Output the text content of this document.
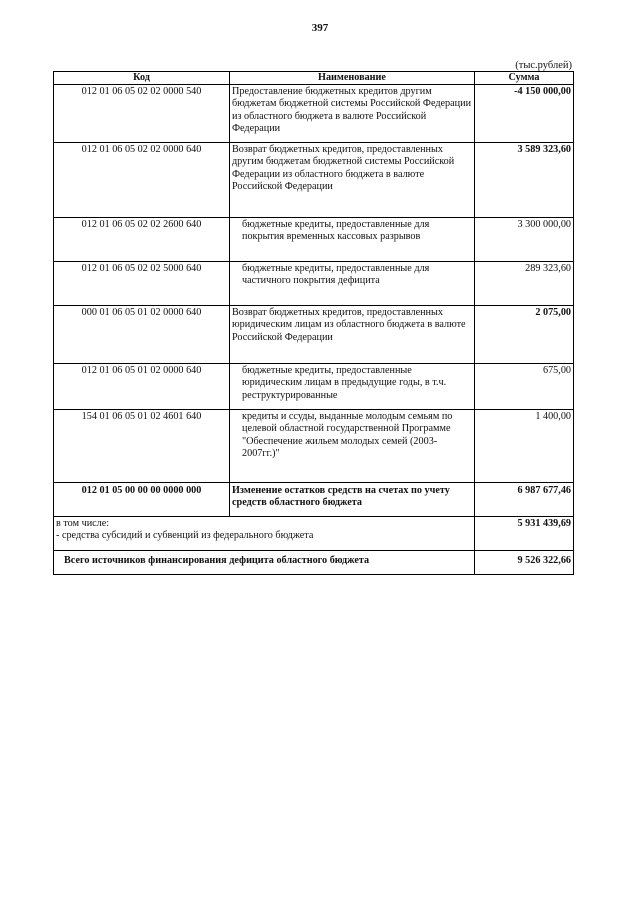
397
(тыс.рублей)
Код	Наименование	Сумма
012 01 06 05 02 02 0000 540	Предоставление бюджетных кредитов другим бюджетам бюджетной системы Российской Федерации из областного бюджета в валюте Российской Федерации	-4 150 000,00
012 01 06 05 02 02 0000 640	Возврат бюджетных кредитов, предоставленных другим бюджетам бюджетной системы Российской Федерации из областного бюджета в валюте Российской Федерации	3 589 323,60
012 01 06 05 02 02 2600 640	бюджетные кредиты, предоставленные для покрытия временных кассовых разрывов	3 300 000,00
012 01 06 05 02 02 5000 640	бюджетные кредиты, предоставленные для частичного покрытия дефицита	289 323,60
000 01 06 05 01 02 0000 640	Возврат бюджетных кредитов, предоставленных юридическим лицам из областного бюджета в валюте Российской Федерации	2 075,00
012 01 06 05 01 02 0000 640	бюджетные кредиты, предоставленные юридическим лицам в предыдущие годы, в т.ч. реструктурированные	675,00
154 01 06 05 01 02 4601 640	кредиты и ссуды, выданные молодым семьям по целевой областной государственной Программе "Обеспечение жильем молодых семей (2003-2007гг.)"	1 400,00
012 01 05 00 00 00 0000 000	Изменение остатков средств на счетах по учету средств областного бюджета	6 987 677,46

в том числе:
- средства субсидий и субвенций из федерального бюджета		5 931 439,69
Всего источников финансирования дефицита областного бюджета		9 526 322,66
